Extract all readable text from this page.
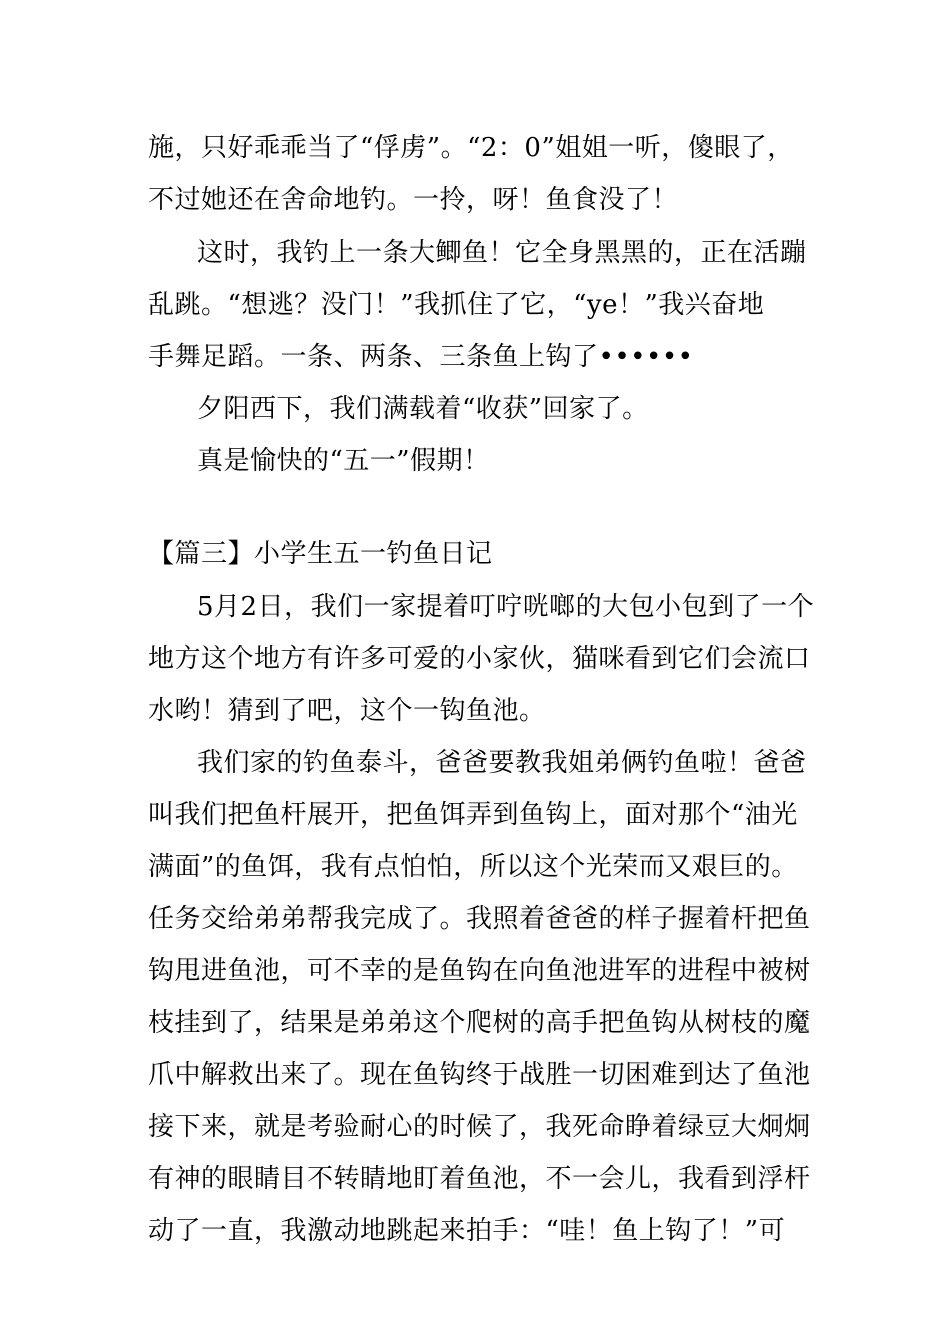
施，只好乖乖当了“俘虏”。“2：0”姐姐一听，傻眼了，
不过她还在舍命地钓。一拎，呀！鱼食没了！
这时，我钓上一条大鲫鱼！它全身黑黑的，正在活蹦
乱跳。“想逃？没门！”我抓住了它，“ye！”我兴奋地
手舞足蹈。一条、两条、三条鱼上钩了••••••
夕阳西下，我们满载着“收获”回家了。
真是愉快的“五一”假期！
【篇三】小学生五一钓鱼日记
5月2日，我们一家提着叮咛咣啷的大包小包到了一个
地方这个地方有许多可爱的小家伙，猫咪看到它们会流口
水哟！猜到了吧，这个一钩鱼池。
我们家的钓鱼泰斗，爸爸要教我姐弟俩钓鱼啦！爸爸
叫我们把鱼杆展开，把鱼饵弄到鱼钩上，面对那个“油光
满面”的鱼饵，我有点怕怕，所以这个光荣而又艰巨的。
任务交给弟弟帮我完成了。我照着爸爸的样子握着杆把鱼
钩甩进鱼池，可不幸的是鱼钩在向鱼池进军的进程中被树
枝挂到了，结果是弟弟这个爬树的高手把鱼钩从树枝的魔
爪中解救出来了。现在鱼钩终于战胜一切困难到达了鱼池
接下来，就是考验耐心的时候了，我死命睁着绿豆大炯炯
有神的眼睛目不转睛地盯着鱼池，不一会儿，我看到浮杆
动了一直，我激动地跳起来拍手：“哇！鱼上钩了！”可
